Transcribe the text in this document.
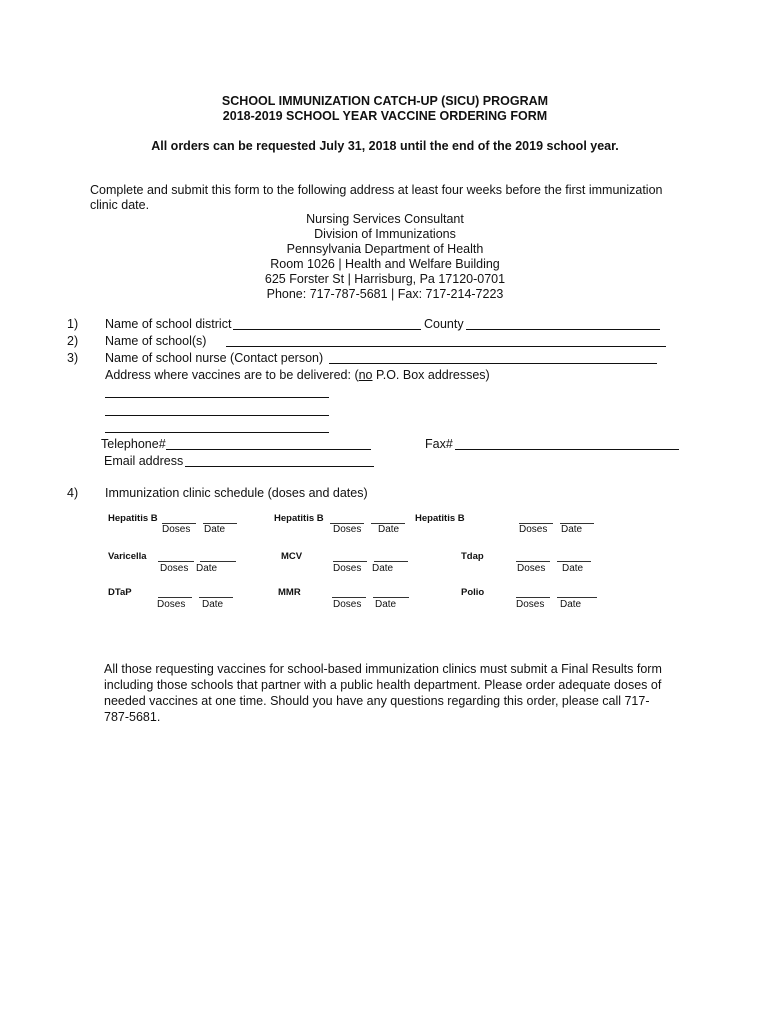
SCHOOL IMMUNIZATION CATCH-UP (SICU) PROGRAM
2018-2019 SCHOOL YEAR VACCINE ORDERING FORM
All orders can be requested July 31, 2018 until the end of the 2019 school year.
Complete and submit this form to the following address at least four weeks before the first immunization
clinic date.
Nursing Services Consultant
Division of Immunizations
Pennsylvania Department of Health
Room 1026 | Health and Welfare Building
625 Forster St | Harrisburg, Pa 17120-0701
Phone: 717-787-5681 | Fax: 717-214-7223
1) Name of school district	County
2) Name of school(s)
3) Name of school nurse (Contact person)
Address where vaccines are to be delivered: (no P.O. Box addresses)
Telephone#	Fax#
Email address
4) Immunization clinic schedule (doses and dates)
Hepatitis B
Doses Date
Hepatitis B
Doses Date
Hepatitis B
Doses Date
Varicella
Doses Date
MCV
Doses Date
Tdap
Doses Date
DTaP
Doses Date
MMR
Doses Date
Polio
Doses Date
All those requesting vaccines for school-based immunization clinics must submit a Final Results form including those schools that partner with a public health department. Please order adequate doses of needed vaccines at one time. Should you have any questions regarding this order, please call 717-787-5681.
